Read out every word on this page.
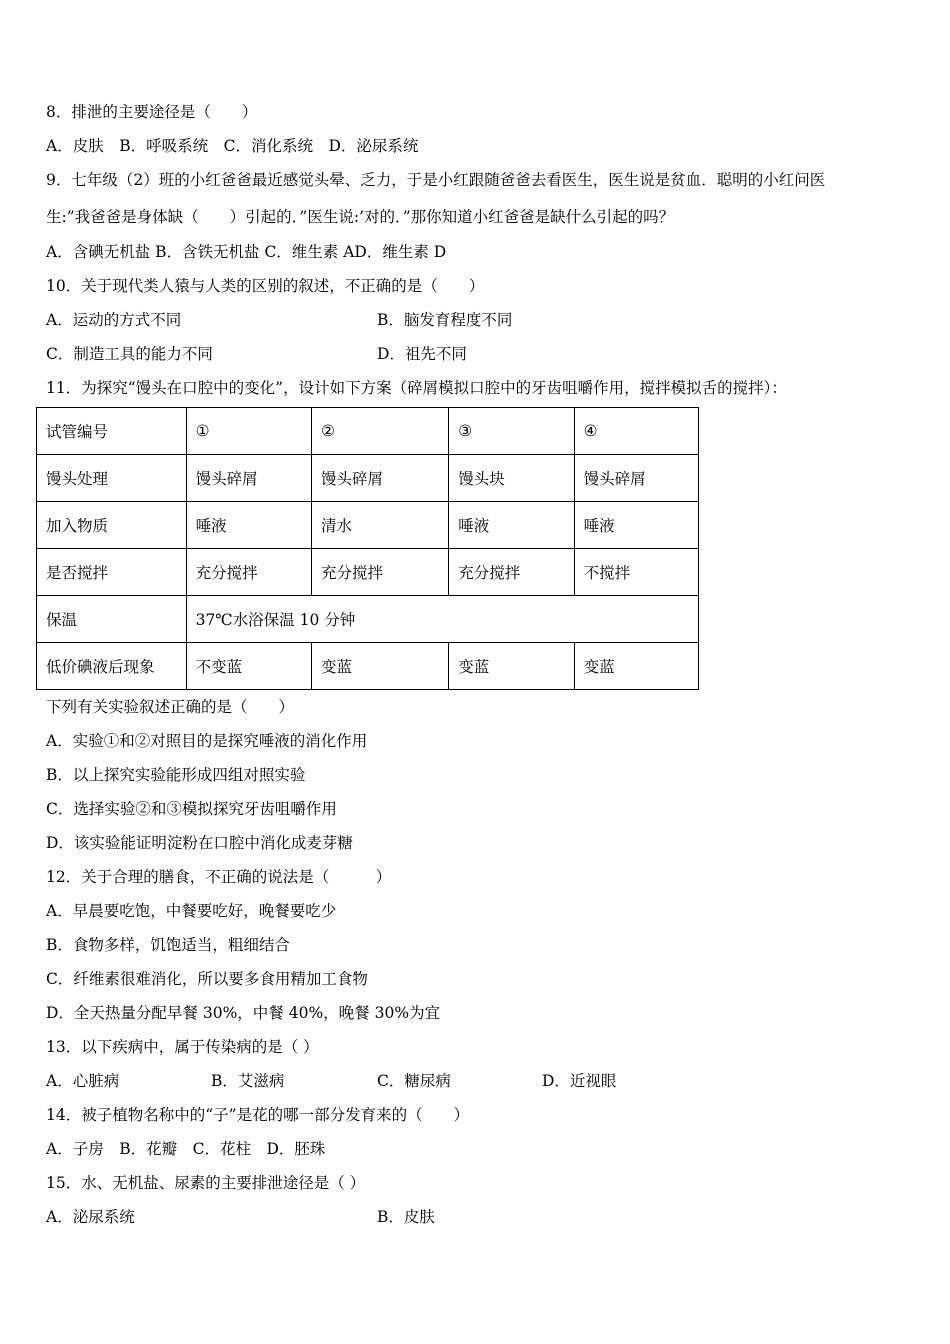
8．排泄的主要途径是（　　）
A．皮肤　B．呼吸系统　C．消化系统　D．泌尿系统
9．七年级（2）班的小红爸爸最近感觉头晕、乏力，于是小红跟随爸爸去看医生，医生说是贫血．聪明的小红问医
生:”我爸爸是身体缺（　　）引起的．”医生说:’对的．”那你知道小红爸爸是缺什么引起的吗？
A．含碘无机盐 B．含铁无机盐 C．维生素 AD．维生素 D
10．关于现代类人猿与人类的区别的叙述，不正确的是（　　）
A．运动的方式不同	B．脑发育程度不同
C．制造工具的能力不同	D．祖先不同
11．为探究“馒头在口腔中的变化”，设计如下方案（碎屑模拟口腔中的牙齿咀嚼作用，搅拌模拟舌的搅拌）：
试管编号	①	②	③	④
馒头处理	馒头碎屑	馒头碎屑	馒头块	馒头碎屑
加入物质	唾液	清水	唾液	唾液
是否搅拌	充分搅拌	充分搅拌	充分搅拌	不搅拌
保温	37℃水浴保温 10 分钟			
低价碘液后现象	不变蓝	变蓝	变蓝	变蓝
下列有关实验叙述正确的是（　　）
A．实验①和②对照目的是探究唾液的消化作用
B．以上探究实验能形成四组对照实验
C．选择实验②和③模拟探究牙齿咀嚼作用
D．该实验能证明淀粉在口腔中消化成麦芽糖
12．关于合理的膳食，不正确的说法是（　　　）
A．早晨要吃饱，中餐要吃好，晚餐要吃少
B．食物多样，饥饱适当，粗细结合
C．纤维素很难消化，所以要多食用精加工食物
D．全天热量分配早餐 30%，中餐 40%，晚餐 30%为宜
13．以下疾病中，属于传染病的是（ ）
A．心脏病	B．艾滋病	C．糖尿病	D．近视眼
14．被子植物名称中的“子”是花的哪一部分发育来的（　　）
A．子房　B．花瓣　C．花柱　D．胚珠
15．水、无机盐、尿素的主要排泄途径是（ ）
A．泌尿系统	B．皮肤
